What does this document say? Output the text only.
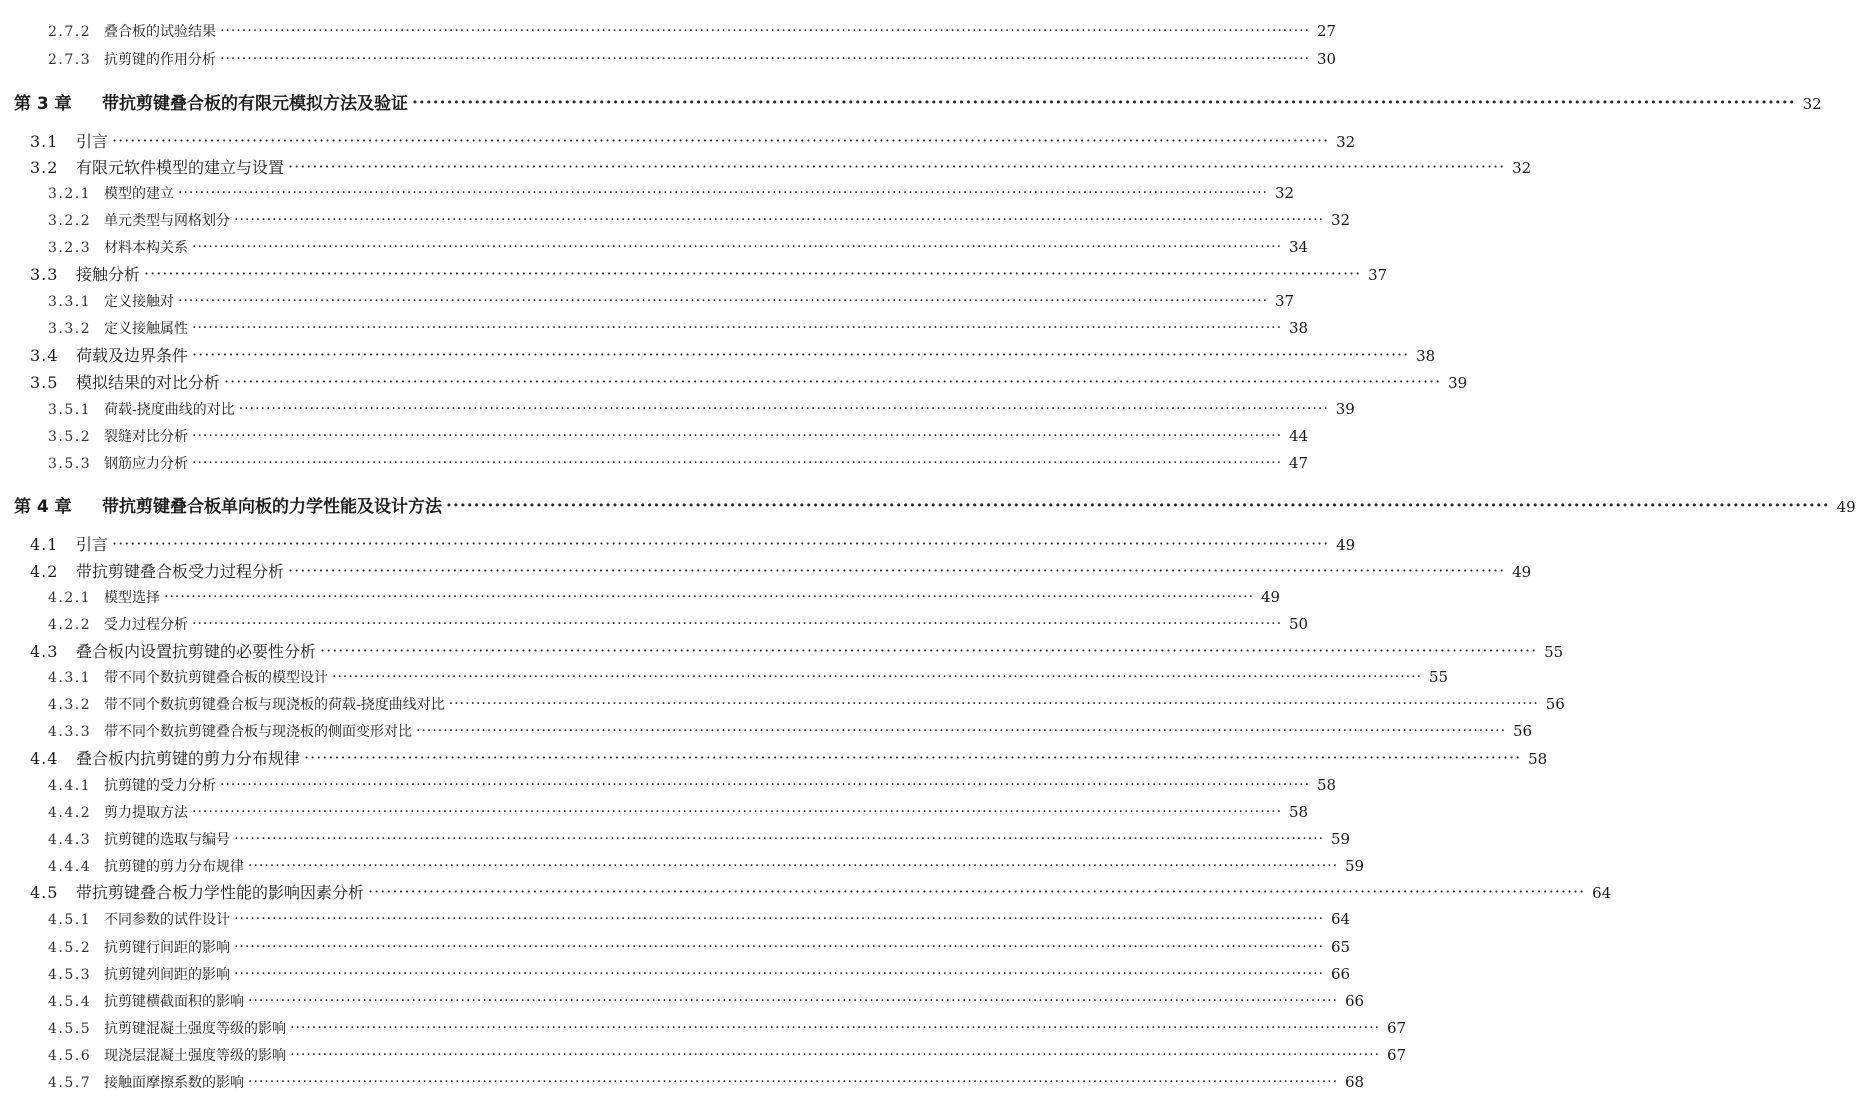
2.7.2 叠合板的试验结果 ········································································································································································································ 27
2.7.3 抗剪键的作用分析 ········································································································································································································ 30
第 3 章	带抗剪键叠合板的有限元模拟方法及验证 ········································································································································································································ 32
3.1	引言 ········································································································································································································ 32
3.2	有限元软件模型的建立与设置 ········································································································································································································ 32
3.2.1 模型的建立 ········································································································································································································ 32
3.2.2 单元类型与网格划分 ········································································································································································································ 32
3.2.3 材料本构关系 ········································································································································································································ 34
3.3	接触分析 ········································································································································································································ 37
3.3.1 定义接触对 ········································································································································································································ 37
3.3.2 定义接触属性 ········································································································································································································ 38
3.4	荷载及边界条件 ········································································································································································································ 38
3.5	模拟结果的对比分析 ········································································································································································································ 39
3.5.1 荷载-挠度曲线的对比 ········································································································································································································ 39
3.5.2 裂缝对比分析 ········································································································································································································ 44
3.5.3 钢筋应力分析 ········································································································································································································ 47
第 4 章	带抗剪键叠合板单向板的力学性能及设计方法 ········································································································································································································ 49
4.1	引言 ········································································································································································································ 49
4.2	带抗剪键叠合板受力过程分析 ········································································································································································································ 49
4.2.1 模型选择 ········································································································································································································ 49
4.2.2 受力过程分析 ········································································································································································································ 50
4.3	叠合板内设置抗剪键的必要性分析 ········································································································································································································ 55
4.3.1 带不同个数抗剪键叠合板的模型设计 ········································································································································································································ 55
4.3.2 带不同个数抗剪键叠合板与现浇板的荷载-挠度曲线对比 ········································································································································································································ 56
4.3.3 带不同个数抗剪键叠合板与现浇板的侧面变形对比 ········································································································································································································ 56
4.4	叠合板内抗剪键的剪力分布规律 ········································································································································································································ 58
4.4.1 抗剪键的受力分析 ········································································································································································································ 58
4.4.2 剪力提取方法 ········································································································································································································ 58
4.4.3 抗剪键的选取与编号 ········································································································································································································ 59
4.4.4 抗剪键的剪力分布规律 ········································································································································································································ 59
4.5	带抗剪键叠合板力学性能的影响因素分析 ········································································································································································································ 64
4.5.1 不同参数的试件设计 ········································································································································································································ 64
4.5.2 抗剪键行间距的影响 ········································································································································································································ 65
4.5.3 抗剪键列间距的影响 ········································································································································································································ 66
4.5.4 抗剪键横截面积的影响 ········································································································································································································ 66
4.5.5 抗剪键混凝土强度等级的影响 ········································································································································································································ 67
4.5.6 现浇层混凝土强度等级的影响 ········································································································································································································ 67
4.5.7 接触面摩擦系数的影响 ········································································································································································································ 68
